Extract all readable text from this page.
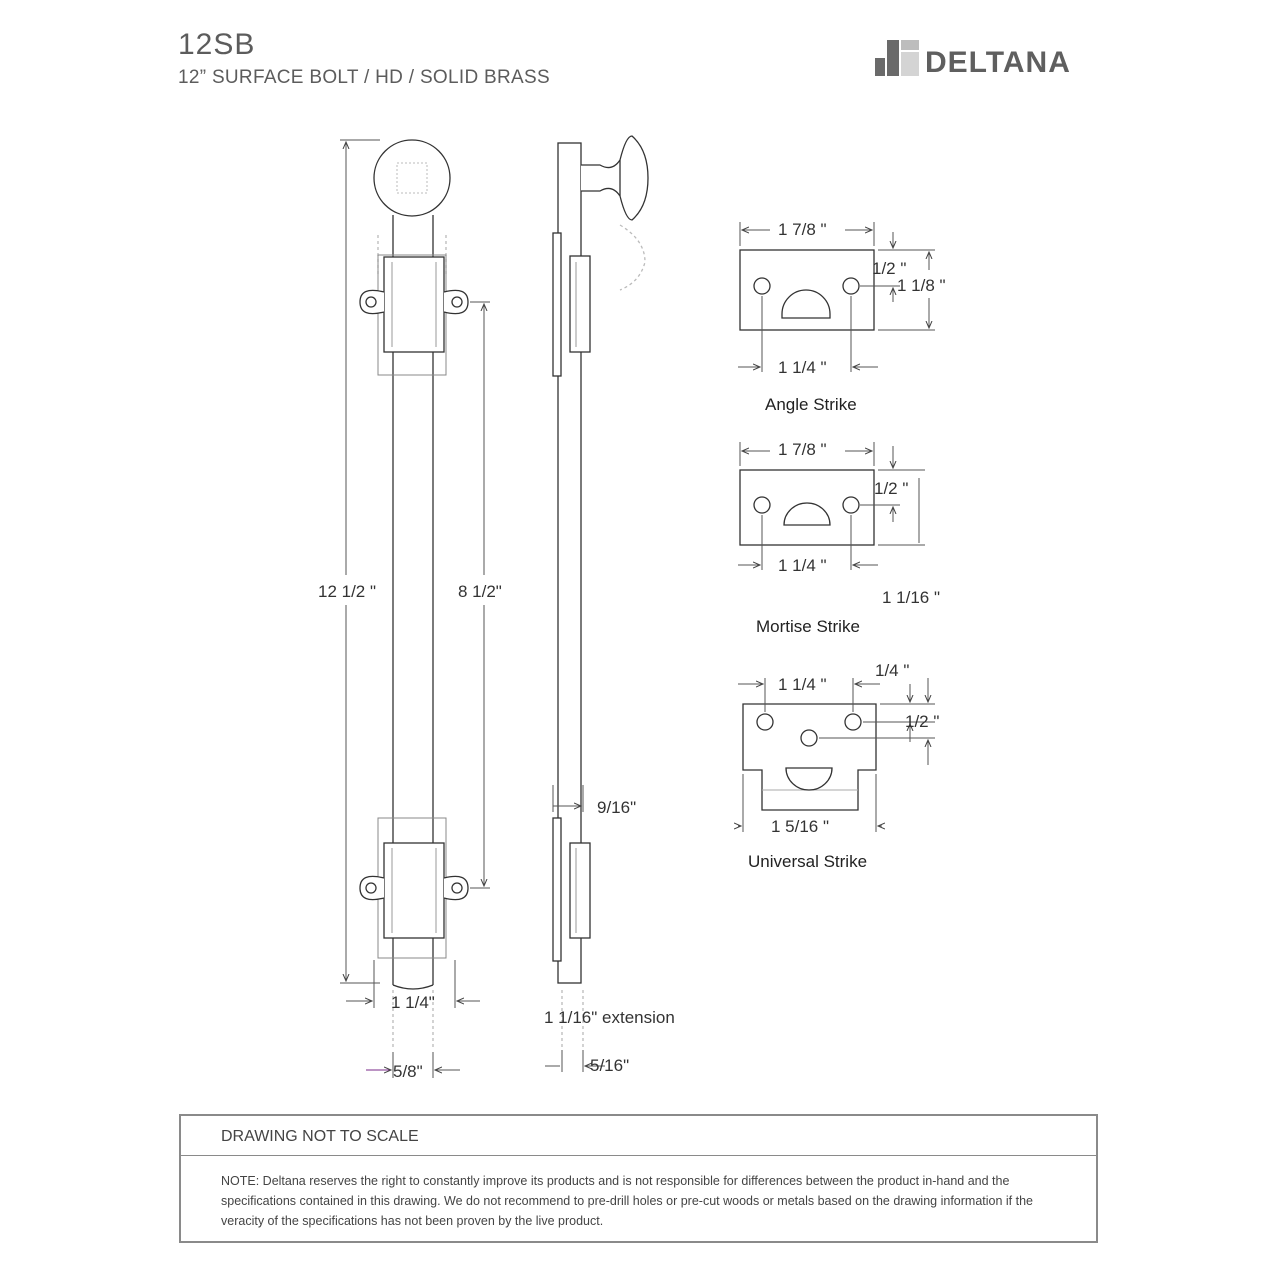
12SB
12” SURFACE BOLT / HD / SOLID BRASS	DELTANA
12 1/2 "	8 1/2"
1 1/4"
5/8"
9/16"
1 1/16" extension
5/16"
1 7/8 "
1 1/4 "
1/2 "
1 1/8 "
Angle Strike
1 7/8 "
1 1/4 "
1/2 "
1 1/16 "
Mortise Strike
1 1/4 "
1/4 "
1/2 "
1 5/16 "
Universal Strike
DRAWING NOT TO SCALE
NOTE: Deltana reserves the right to constantly improve its products and is not responsible for differences between the product in-hand and the specifications contained in this drawing. We do not recommend to pre-drill holes or pre-cut woods or metals based on the drawing information if the veracity of the specifications has not been proven by the live product.
